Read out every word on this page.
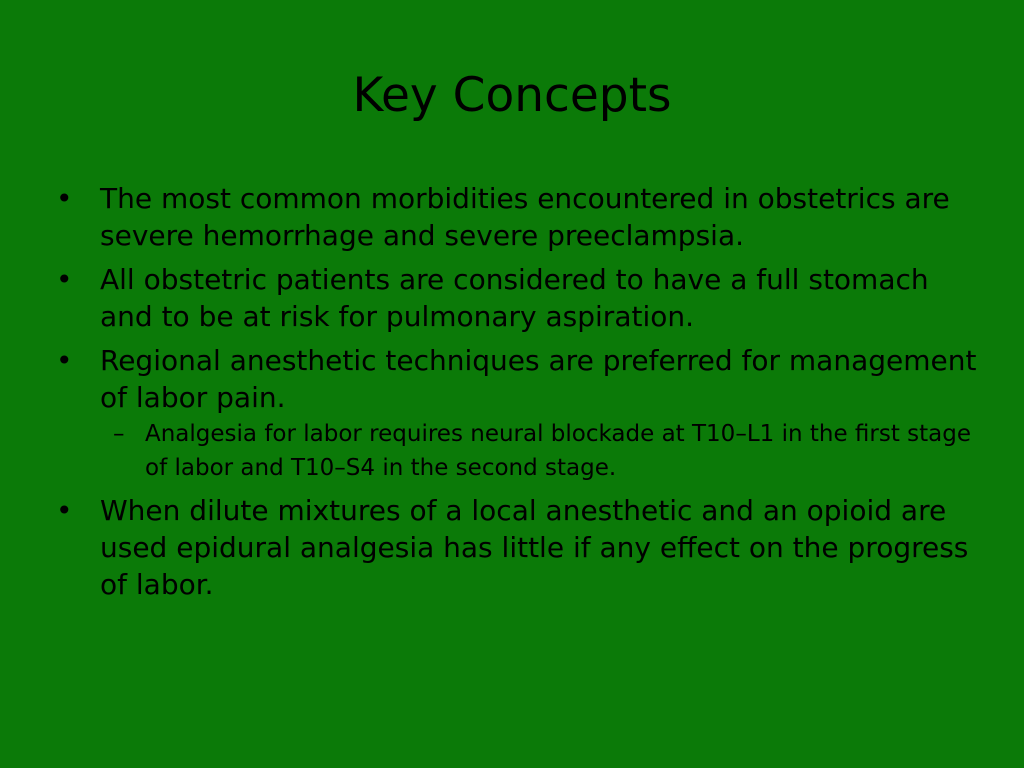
Key Concepts
• The most common morbidities encountered in obstetrics are severe hemorrhage and severe preeclampsia.
• All obstetric patients are considered to have a full stomach and to be at risk for pulmonary aspiration.
• Regional anesthetic techniques are preferred for management of labor pain.
– Analgesia for labor requires neural blockade at T10–L1 in the first stage of labor and T10–S4 in the second stage.
• When dilute mixtures of a local anesthetic and an opioid are used epidural analgesia has little if any effect on the progress of labor.
